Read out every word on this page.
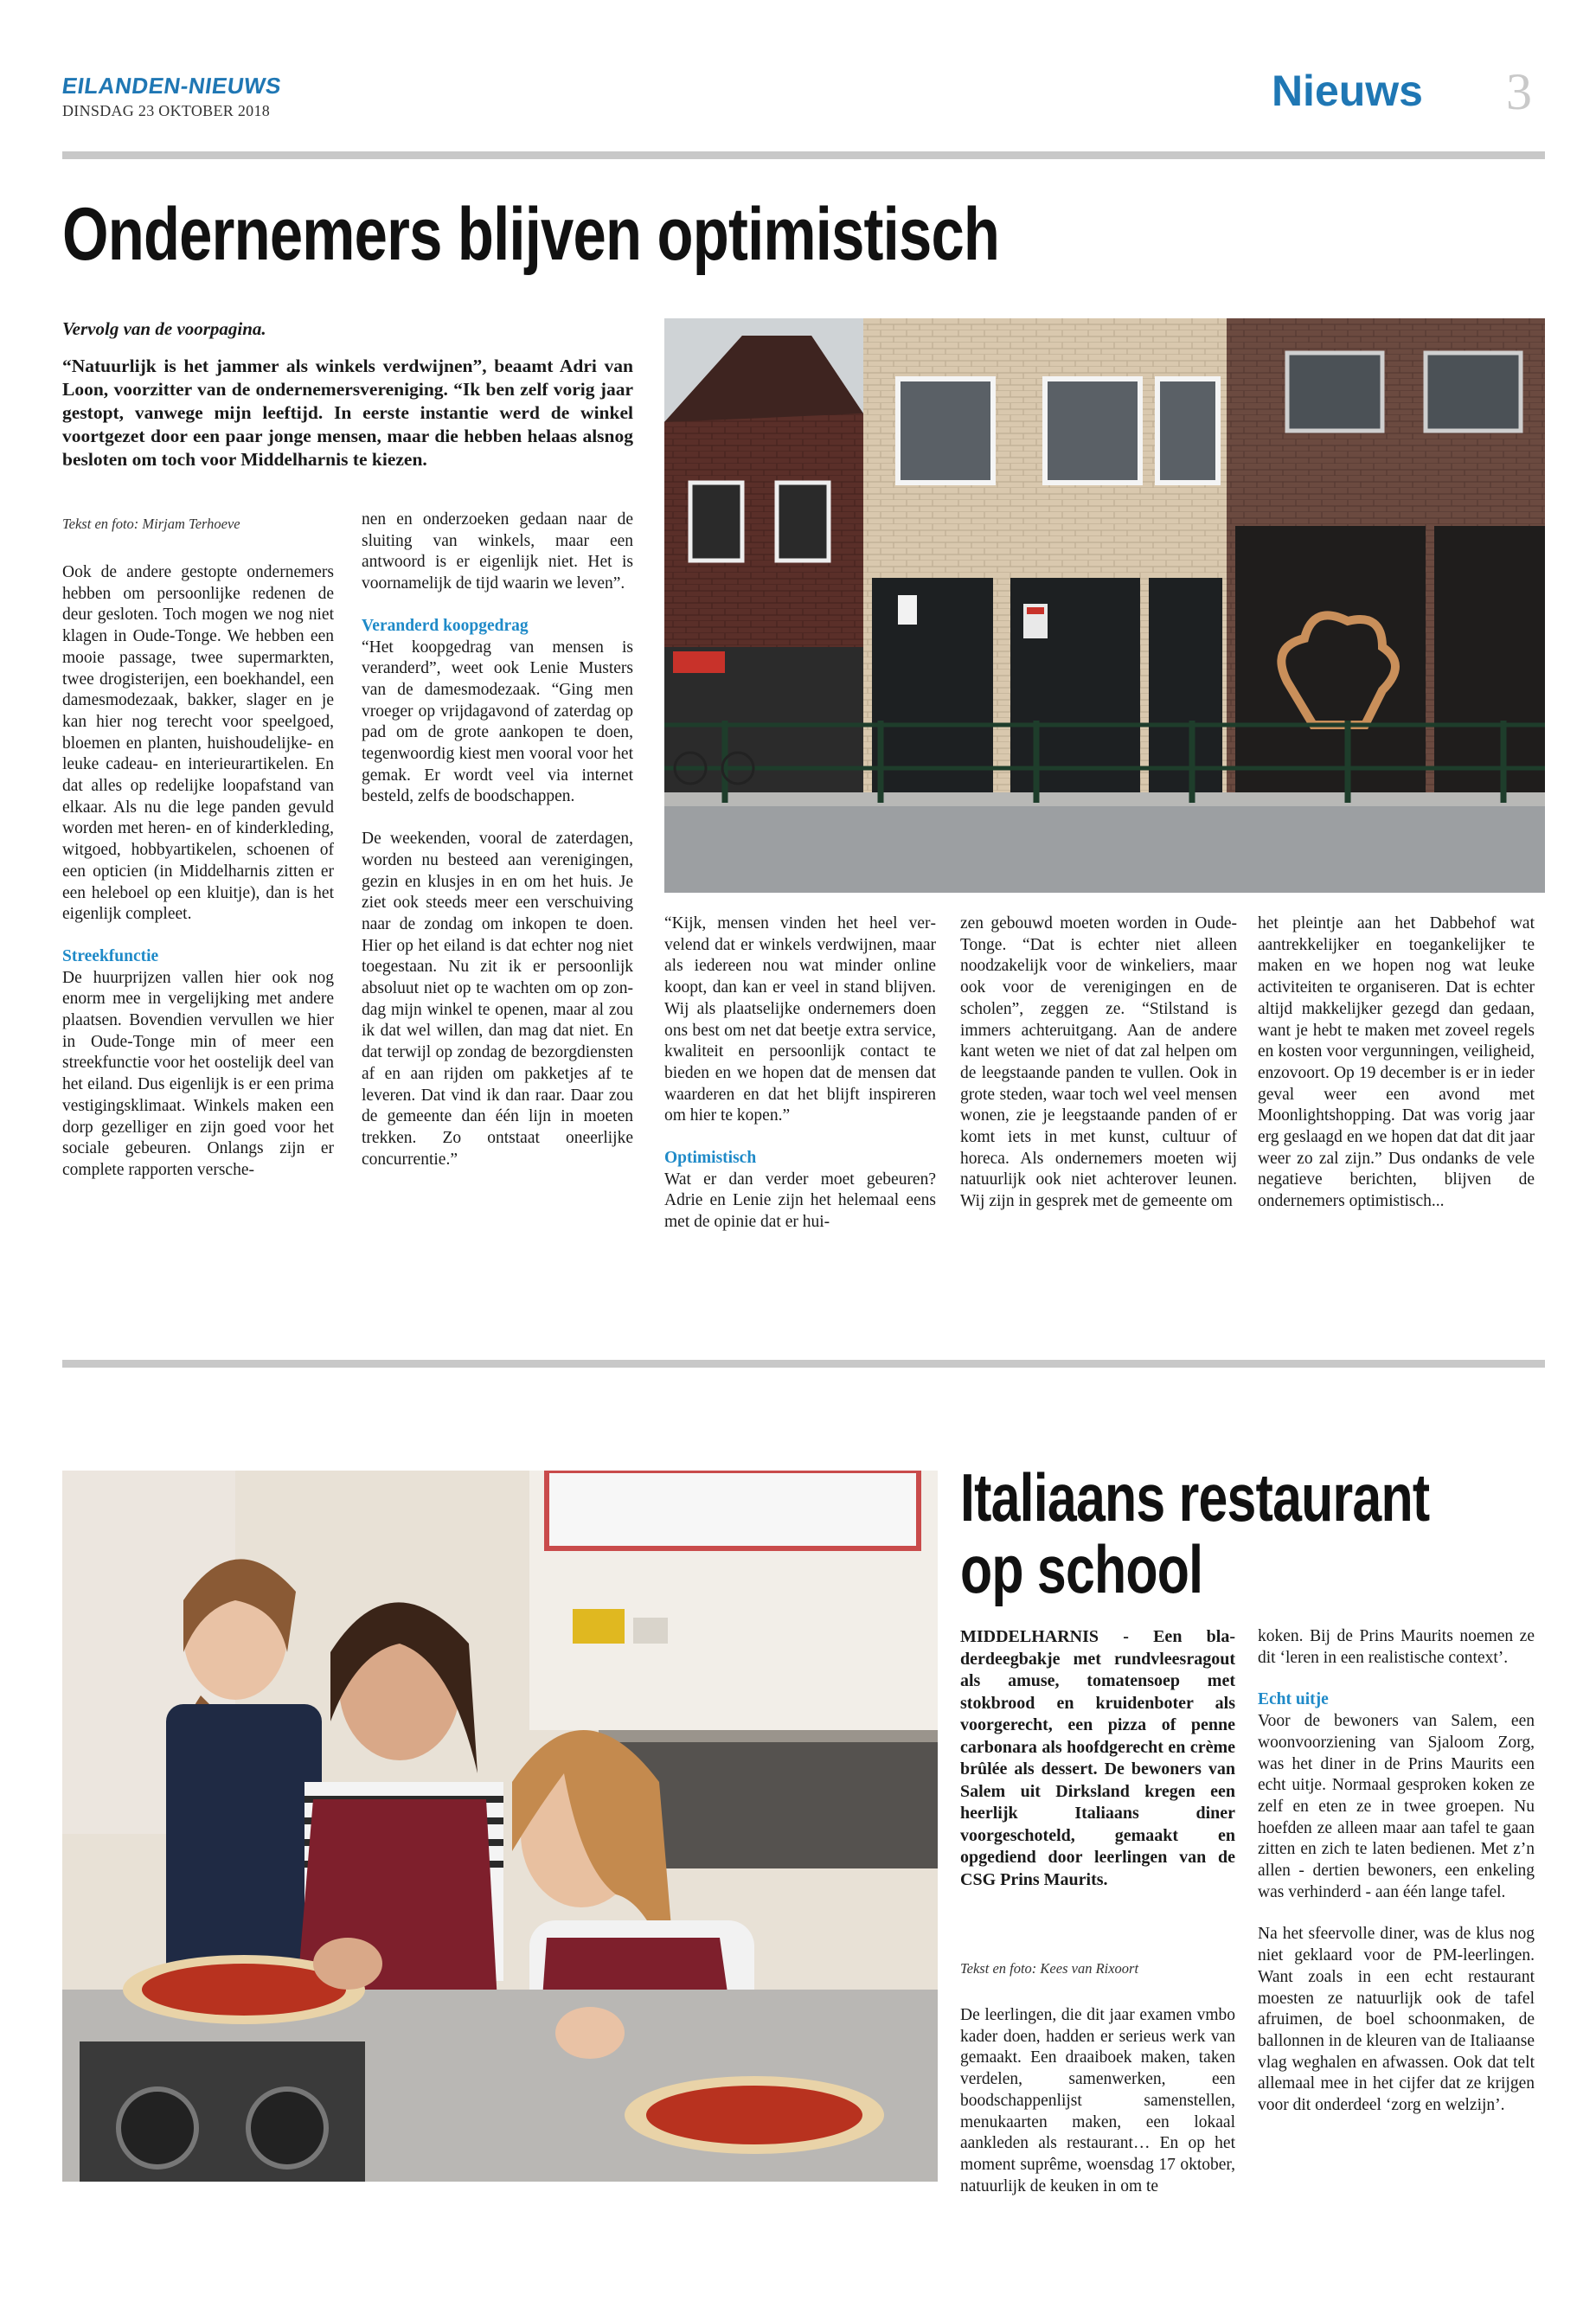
EILANDEN-NIEUWS
DINSDAG 23 OKTOBER 2018	Nieuws 3
Ondernemers blijven optimistisch
Vervolg van de voorpagina.
“Natuurlijk is het jammer als winkels verdwijnen”, beaamt Adri van Loon, voorzitter van de ondernemersvereniging. “Ik ben zelf vorig jaar gestopt, vanwege mijn leeftijd. In eerste instantie werd de winkel voortgezet door een paar jonge mensen, maar die hebben helaas alsnog besloten om toch voor Middelharnis te kiezen.
Tekst en foto: Mirjam Terhoeve

Ook de andere gestopte ondernemers hebben om persoonlijke redenen de deur gesloten. Toch mogen we nog niet klagen in Oude-Tonge. We hebben een mooie passage, twee supermarkten, twee drogisterijen, een boekhandel, een damesmodezaak, bakker, slager en je kan hier nog terecht voor speelgoed, bloemen en planten, huishoudelijke- en leuke cadeau- en interieurartikelen. En dat alles op redelijke loopafstand van elkaar. Als nu die lege panden gevuld worden met heren- en of kinderkleding, witgoed, hobbyartikelen, schoenen of een opticien (in Middelharnis zitten er een heleboel op een kluitje), dan is het eigenlijk compleet.

Streekfunctie

De huurprijzen vallen hier ook nog enorm mee in vergelijking met andere plaatsen. Bovendien vervullen we hier in Oude-Tonge min of meer een streekfunctie voor het oostelijk deel van het eiland. Dus eigenlijk is er een prima vestigingsklimaat. Winkels maken een dorp gezelliger en zijn goed voor het sociale gebeuren. Onlangs zijn er complete rapporten versche-

nen en onderzoeken gedaan naar de sluiting van winkels, maar een antwoord is er eigenlijk niet. Het is voornamelijk de tijd waarin we leven”.

Veranderd koopgedrag

“Het koopgedrag van mensen is veranderd”, weet ook Lenie Musters van de damesmodezaak. “Ging men vroeger op vrijdagavond of zaterdag op pad om de grote aankopen te doen, tegenwoordig kiest men vooral voor het gemak. Er wordt veel via internet besteld, zelfs de boodschappen.

De weekenden, vooral de zaterdagen, worden nu besteed aan verenigingen, gezin en klusjes in en om het huis. Je ziet ook steeds meer een verschuiving naar de zondag om inkopen te doen. Hier op het eiland is dat echter nog niet toegestaan. Nu zit ik er persoonlijk absoluut niet op te wachten om op zondag mijn winkel te openen, maar al zou ik dat wel willen, dan mag dat niet. En dat terwijl op zondag de bezorgdiensten af en aan rijden om pakketjes af te leveren. Dat vind ik dan raar. Daar zou de gemeente dan één lijn in moeten trekken. Zo ontstaat oneerlijke concurrentie.”

“Kijk, mensen vinden het heel vervelend dat er winkels verdwijnen, maar als iedereen nou wat minder online koopt, dan kan er veel in stand blijven. Wij als plaatselijke ondernemers doen ons best om net dat beetje extra service, kwaliteit en persoonlijk contact te bieden en we hopen dat de mensen dat waarderen en dat het blijft inspireren om hier te kopen.”

Optimistisch

Wat er dan verder moet gebeuren? Adrie en Lenie zijn het helemaal eens met de opinie dat er hui-

zen gebouwd moeten worden in Oude-Tonge. “Dat is echter niet alleen noodzakelijk voor de winkeliers, maar ook voor de verenigingen en de scholen”, zeggen ze. “Stilstand is immers achteruitgang. Aan de andere kant weten we niet of dat zal helpen om de leegstaande panden te vullen. Ook in grote steden, waar toch wel veel mensen wonen, zie je leegstaande panden of er komt iets in met kunst, cultuur of horeca. Als ondernemers moeten wij natuurlijk ook niet achterover leunen. Wij zijn in gesprek met de gemeente om

het pleintje aan het Dabbehof wat aantrekkelijker en toegankelijker te maken en we hopen nog wat leuke activiteiten te organiseren. Dat is echter altijd makkelijker gezegd dan gedaan, want je hebt te maken met zoveel regels en kosten voor vergunningen, veiligheid, enzovoort. Op 19 december is er in ieder geval weer een avond met Moonlightshopping. Dat was vorig jaar erg geslaagd en we hopen dat dat dit jaar weer zo zal zijn.” Dus ondanks de vele negatieve berichten, blijven de ondernemers optimistisch...

Italiaans restaurant
op school
MIDDELHARNIS - Een bladerdeegbakje met rundvleesragout als amuse, tomatensoep met stokbrood en kruidenboter als voorgerecht, een pizza of penne carbonara als hoofdgerecht en crème brûlée als dessert. De bewoners van Salem uit Dirksland kregen een heerlijk Italiaans diner voorgeschoteld, gemaakt en opgediend door leerlingen van de CSG Prins Maurits.
Tekst en foto: Kees van Rixoort

De leerlingen, die dit jaar examen vmbo kader doen, hadden er serieus werk van gemaakt. Een draaiboek maken, taken verdelen, samenwerken, een boodschappenlijst samenstellen, menukaarten maken, een lokaal aankleden als restaurant… En op het moment suprême, woensdag 17 oktober, natuurlijk de keuken in om te

koken. Bij de Prins Maurits noemen ze dit ‘leren in een realistische context’.

Echt uitje

Voor de bewoners van Salem, een woonvoorziening van Sjaloom Zorg, was het diner in de Prins Maurits een echt uitje. Normaal gesproken koken ze zelf en eten ze in twee groepen. Nu hoefden ze alleen maar aan tafel te gaan zitten en zich te laten bedienen. Met z’n allen - dertien bewoners, een enkeling was verhinderd - aan één lange tafel.

Na het sfeervolle diner, was de klus nog niet geklaard voor de PM-leerlingen. Want zoals in een echt restaurant moesten ze natuurlijk ook de tafel afruimen, de boel schoonmaken, de ballonnen in de kleuren van de Italiaanse vlag weghalen en afwassen. Ook dat telt allemaal mee in het cijfer dat ze krijgen voor dit onderdeel ‘zorg en welzijn’.
